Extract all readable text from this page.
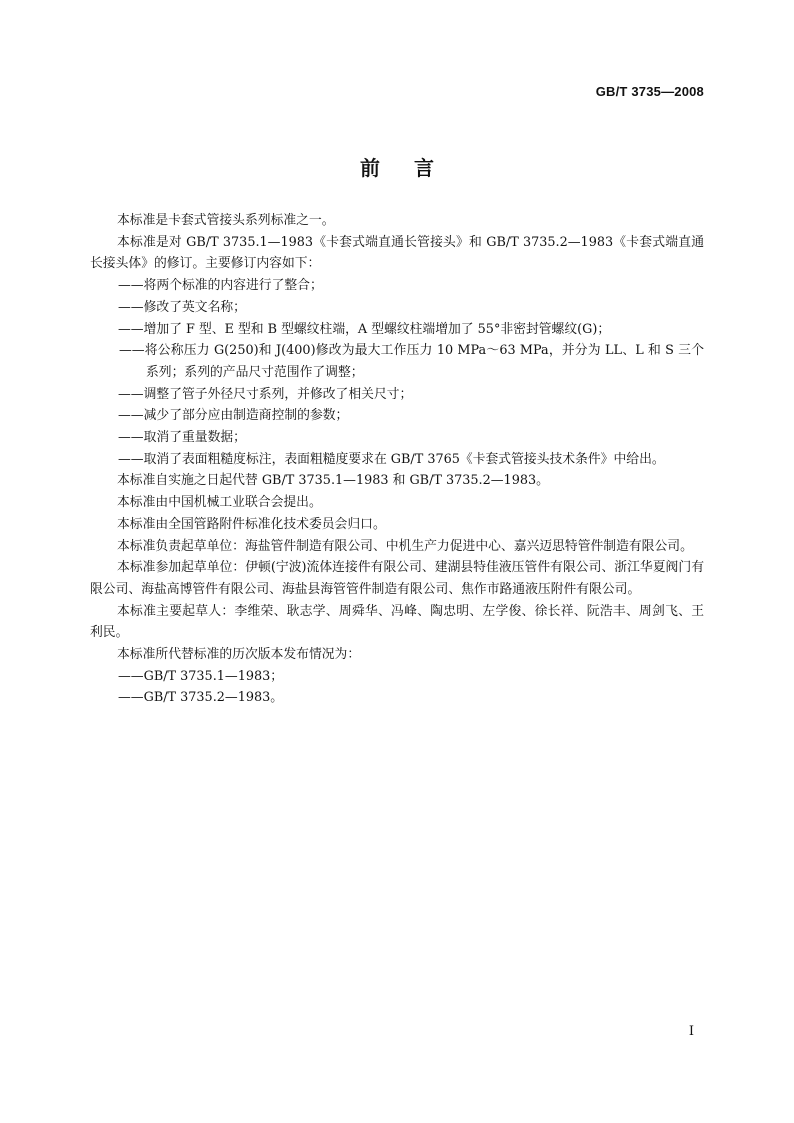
GB/T 3735—2008
前言

本标准是卡套式管接头系列标准之一。

本标准是对 GB/T 3735.1—1983《卡套式端直通长管接头》和 GB/T 3735.2—1983《卡套式端直通长接头体》的修订。主要修订内容如下：

——将两个标准的内容进行了整合；

——修改了英文名称；

——增加了 F 型、E 型和 B 型螺纹柱端，A 型螺纹柱端增加了 55°非密封管螺纹(G)；

——将公称压力 G(250)和 J(400)修改为最大工作压力 10 MPa～63 MPa，并分为 LL、L 和 S 三个系列；系列的产品尺寸范围作了调整；

——调整了管子外径尺寸系列，并修改了相关尺寸；

——减少了部分应由制造商控制的参数；

——取消了重量数据；

——取消了表面粗糙度标注，表面粗糙度要求在 GB/T 3765《卡套式管接头技术条件》中给出。

本标准自实施之日起代替 GB/T 3735.1—1983 和 GB/T 3735.2—1983。

本标准由中国机械工业联合会提出。

本标准由全国管路附件标准化技术委员会归口。

本标准负责起草单位：海盐管件制造有限公司、中机生产力促进中心、嘉兴迈思特管件制造有限公司。

本标准参加起草单位：伊顿(宁波)流体连接件有限公司、建湖县特佳液压管件有限公司、浙江华夏阀门有限公司、海盐高博管件有限公司、海盐县海管管件制造有限公司、焦作市路通液压附件有限公司。

本标准主要起草人：李维荣、耿志学、周舜华、冯峰、陶忠明、左学俊、徐长祥、阮浩丰、周剑飞、王利民。

本标准所代替标准的历次版本发布情况为：

——GB/T 3735.1—1983；

——GB/T 3735.2—1983。

I
